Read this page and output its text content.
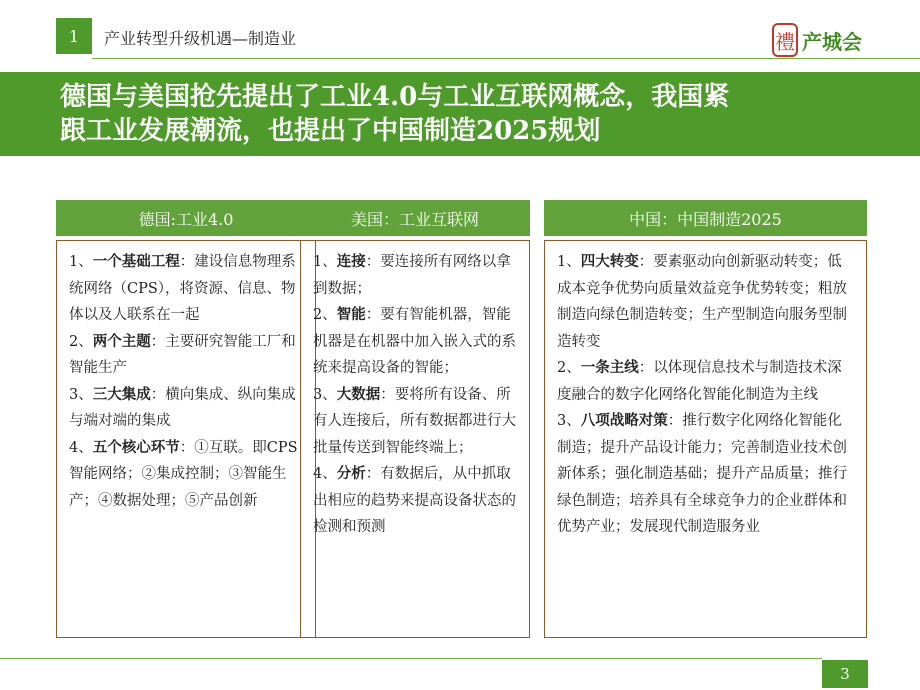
1	产业转型升级机遇—制造业	禮 产城会
德国与美国抢先提出了工业4.0与工业互联网概念，我国紧
跟工业发展潮流，也提出了中国制造2025规划
德国:工业4.0

1、一个基础工程：建设信息物理系统网络（CPS），将资源、信息、物体以及人联系在一起

2、两个主题：主要研究智能工厂和智能生产

3、三大集成：横向集成、纵向集成与端对端的集成

4、五个核心环节：①互联。即CPS智能网络；②集成控制；③智能生产；④数据处理；⑤产品创新

美国：工业互联网

1、连接：要连接所有网络以拿到数据；

2、智能：要有智能机器，智能机器是在机器中加入嵌入式的系统来提高设备的智能；

3、大数据：要将所有设备、所有人连接后，所有数据都进行大批量传送到智能终端上；

4、分析：有数据后，从中抓取出相应的趋势来提高设备状态的检测和预测

中国：中国制造2025

1、四大转变：要素驱动向创新驱动转变；低成本竞争优势向质量效益竞争优势转变；粗放制造向绿色制造转变；生产型制造向服务型制造转变

2、一条主线：以体现信息技术与制造技术深度融合的数字化网络化智能化制造为主线

3、八项战略对策：推行数字化网络化智能化制造；提升产品设计能力；完善制造业技术创新体系；强化制造基础；提升产品质量；推行绿色制造；培养具有全球竞争力的企业群体和优势产业；发展现代制造服务业

3
